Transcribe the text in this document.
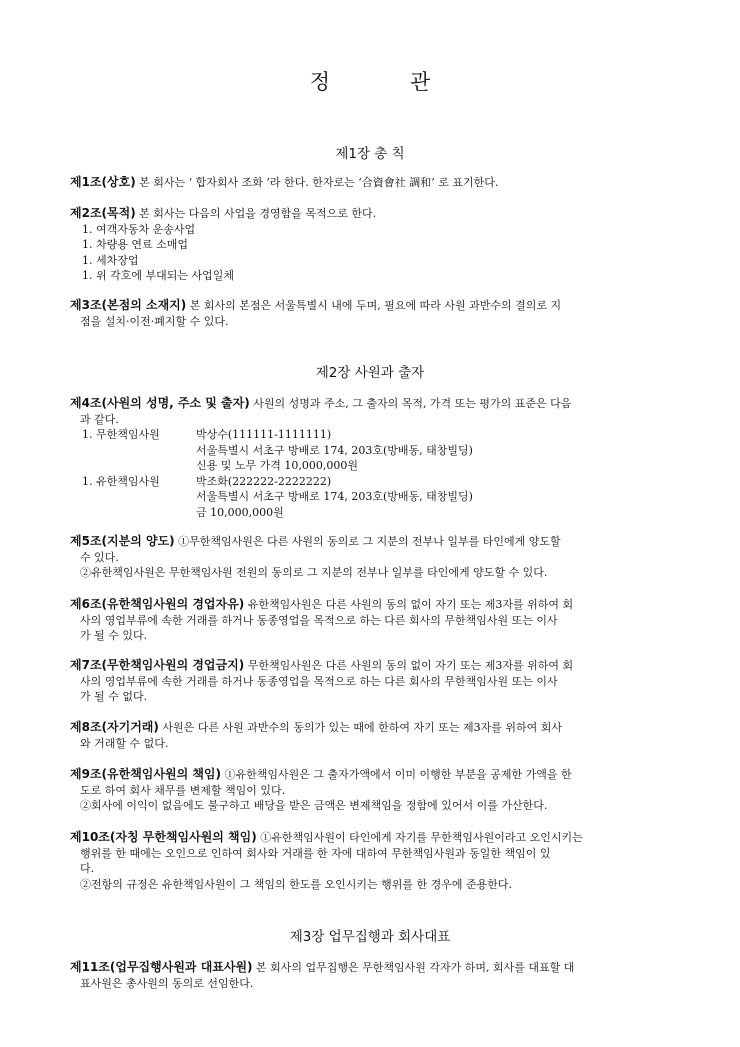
정	관
제1장 총 칙
제1조(상호) 본 회사는 ‘ 합자회사 조화 ’라 한다. 한자로는 ‘合資會社 調和’ 로 표기한다.
제2조(목적) 본 회사는 다음의 사업을 경영함을 목적으로 한다.
1. 여객자동차 운송사업
1. 차량용 연료 소매업
1. 세차장업
1. 위 각호에 부대되는 사업일체
제3조(본점의 소재지) 본 회사의 본점은 서울특별시 내에 두며, 필요에 따라 사원 과반수의 결의로 지
점을 설치·이전·폐지할 수 있다.
제2장 사원과 출자
제4조(사원의 성명, 주소 및 출자) 사원의 성명과 주소, 그 출자의 목적, 가격 또는 평가의 표준은 다음
과 같다.
1. 무한책임사원	박상수(111111-1111111)
서울특별시 서초구 방배로 174, 203호(방배동, 태창빌딩)
신용 및 노무 가격 10,000,000원
1. 유한책임사원	박조화(222222-2222222)
서울특별시 서초구 방배로 174, 203호(방배동, 태창빌딩)
금 10,000,000원
제5조(지분의 양도) ①무한책임사원은 다른 사원의 동의로 그 지분의 전부나 일부를 타인에게 양도할
수 있다.
②유한책임사원은 무한책임사원 전원의 동의로 그 지분의 전부나 일부를 타인에게 양도할 수 있다.
제6조(유한책임사원의 경업자유) 유한책임사원은 다른 사원의 동의 없이 자기 또는 제3자를 위하여 회
사의 영업부류에 속한 거래를 하거나 동종영업을 목적으로 하는 다른 회사의 무한책임사원 또는 이사
가 될 수 있다.
제7조(무한책임사원의 경업금지) 무한책임사원은 다른 사원의 동의 없이 자기 또는 제3자를 위하여 회
사의 영업부류에 속한 거래를 하거나 동종영업을 목적으로 하는 다른 회사의 무한책임사원 또는 이사
가 될 수 없다.
제8조(자기거래) 사원은 다른 사원 과반수의 동의가 있는 때에 한하여 자기 또는 제3자를 위하여 회사
와 거래할 수 없다.
제9조(유한책임사원의 책임) ①유한책임사원은 그 출자가액에서 이미 이행한 부분을 공제한 가액을 한
도로 하여 회사 채무를 변제할 책임이 있다.
②회사에 이익이 없음에도 불구하고 배당을 받은 금액은 변제책임을 정함에 있어서 이를 가산한다.
제10조(자칭 무한책임사원의 책임) ①유한책임사원이 타인에게 자기를 무한책임사원이라고 오인시키는
행위를 한 때에는 오인으로 인하여 회사와 거래를 한 자에 대하여 무한책임사원과 동일한 책임이 있
다.
②전항의 규정은 유한책임사원이 그 책임의 한도를 오인시키는 행위를 한 경우에 준용한다.
제3장 업무집행과 회사대표
제11조(업무집행사원과 대표사원) 본 회사의 업무집행은 무한책임사원 각자가 하며, 회사를 대표할 대
표사원은 총사원의 동의로 선임한다.
